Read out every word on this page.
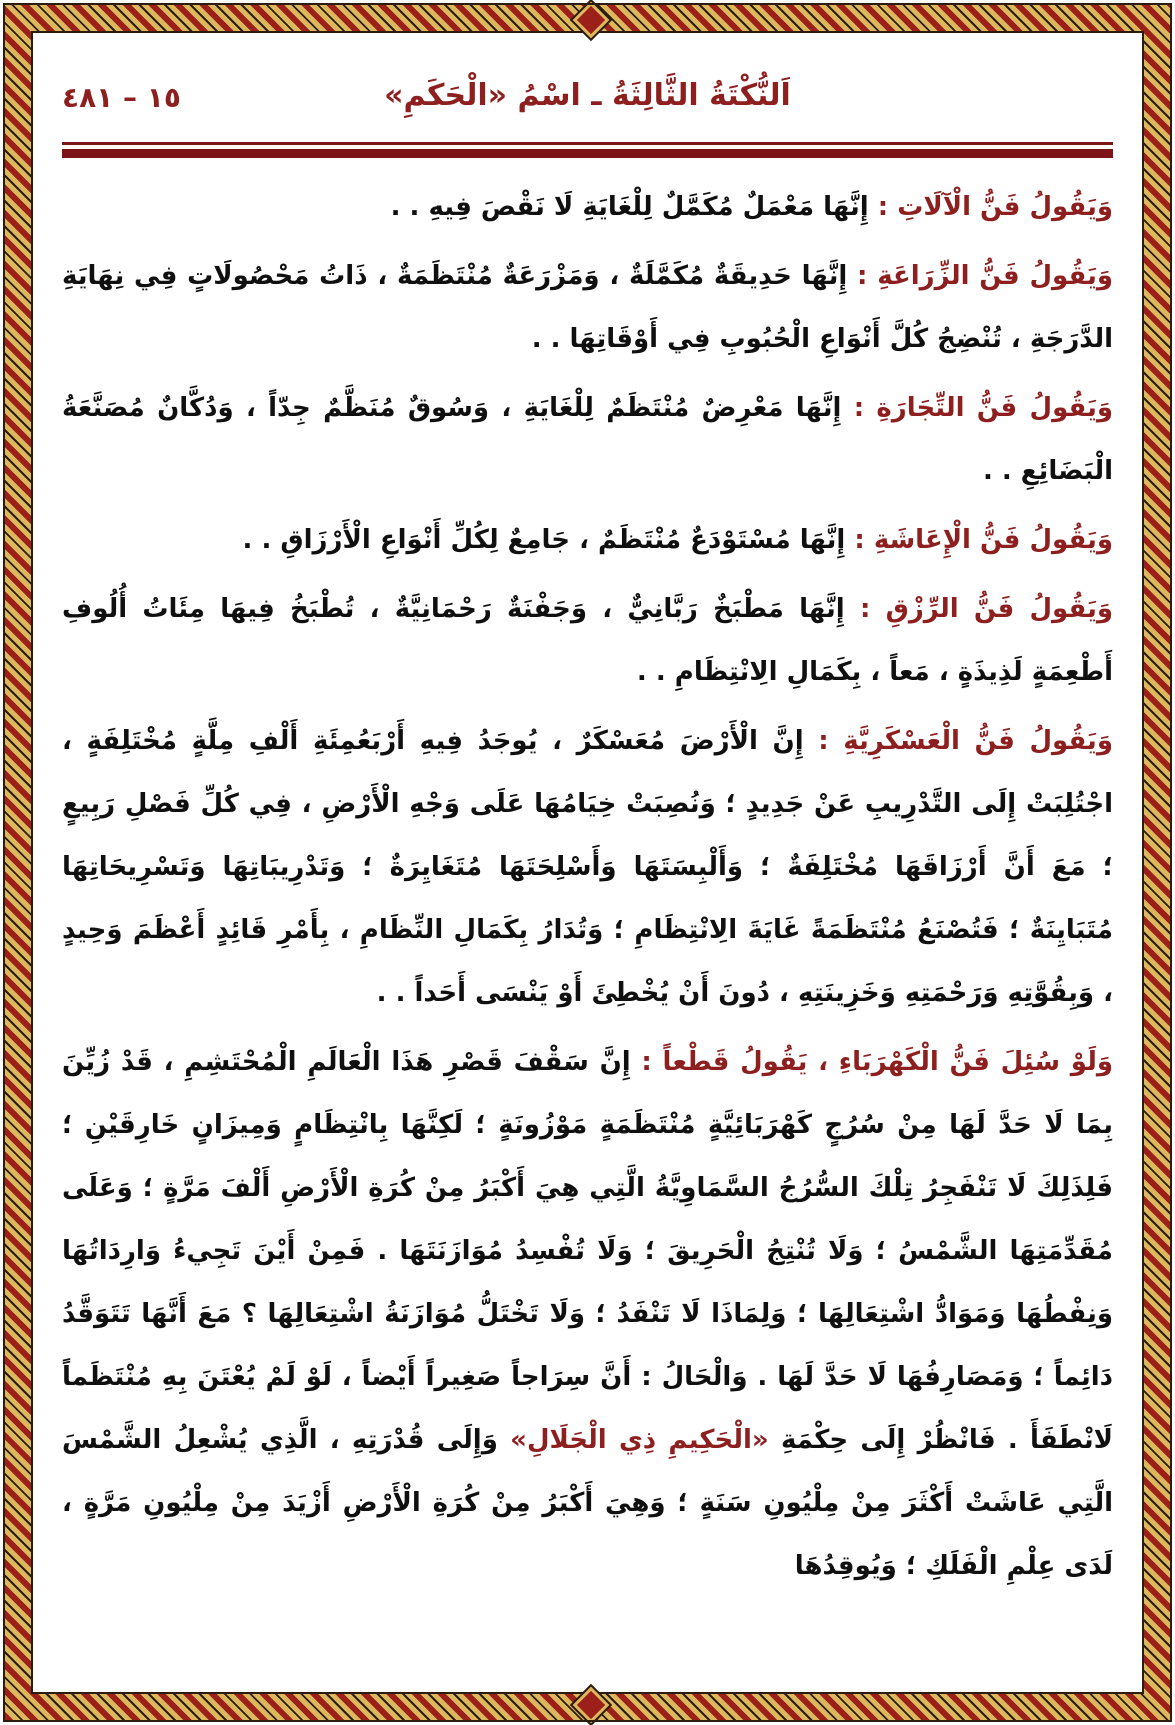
١٥ – ٤٨١	اَلنُّكْتَةُ الثَّالِثَةُ ـ اسْمُ «الْحَكَمِ»

وَيَقُولُ فَنُّ الْآلَاتِ : إِنَّهَا مَعْمَلٌ مُكَمَّلٌ لِلْغَايَةِ لَا نَقْصَ فِيهِ . .

وَيَقُولُ فَنُّ الزِّرَاعَةِ : إِنَّهَا حَدِيقَةٌ مُكَمَّلَةٌ ، وَمَزْرَعَةٌ مُنْتَظَمَةٌ ، ذَاتُ مَحْصُولَاتٍ فِي نِهَايَةِ الدَّرَجَةِ ، تُنْضِجُ كُلَّ أَنْوَاعِ الْحُبُوبِ فِي أَوْقَاتِهَا . .

وَيَقُولُ فَنُّ التِّجَارَةِ : إِنَّهَا مَعْرِضٌ مُنْتَظَمٌ لِلْغَايَةِ ، وَسُوقٌ مُنَظَّمٌ جِدّاً ، وَدُكَّانٌ مُصَنَّعَةُ الْبَضَائِعِ . .

وَيَقُولُ فَنُّ الْإِعَاشَةِ : إِنَّهَا مُسْتَوْدَعٌ مُنْتَظَمٌ ، جَامِعٌ لِكُلِّ أَنْوَاعِ الْأَرْزَاقِ . .

وَيَقُولُ فَنُّ الرِّزْقِ : إِنَّهَا مَطْبَخٌ رَبَّانِيٌّ ، وَجَفْنَةٌ رَحْمَانِيَّةٌ ، تُطْبَخُ فِيهَا مِئَاتُ أُلُوفِ أَطْعِمَةٍ لَذِيذَةٍ ، مَعاً ، بِكَمَالِ الِانْتِظَامِ . .

وَيَقُولُ فَنُّ الْعَسْكَرِيَّةِ : إِنَّ الْأَرْضَ مُعَسْكَرٌ ، يُوجَدُ فِيهِ أَرْبَعُمِئَةِ أَلْفِ مِلَّةٍ مُخْتَلِفَةٍ ، اجْتُلِبَتْ إِلَى التَّدْرِيبِ عَنْ جَدِيدٍ ؛ وَنُصِبَتْ خِيَامُهَا عَلَى وَجْهِ الْأَرْضِ ، فِي كُلِّ فَصْلِ رَبِيعٍ ؛ مَعَ أَنَّ أَرْزَاقَهَا مُخْتَلِفَةٌ ؛ وَأَلْبِسَتَهَا وَأَسْلِحَتَهَا مُتَغَايِرَةٌ ؛ وَتَدْرِيبَاتِهَا وَتَسْرِيحَاتِهَا مُتَبَايِنَةٌ ؛ فَتُصْنَعُ مُنْتَظَمَةً غَايَةَ الِانْتِظَامِ ؛ وَتُدَارُ بِكَمَالِ النِّظَامِ ، بِأَمْرِ قَائِدٍ أَعْظَمَ وَحِيدٍ ، وَبِقُوَّتِهِ وَرَحْمَتِهِ وَخَزِينَتِهِ ، دُونَ أَنْ يُخْطِئَ أَوْ يَنْسَى أَحَداً . .

وَلَوْ سُئِلَ فَنُّ الْكَهْرَبَاءِ ، يَقُولُ قَطْعاً : إِنَّ سَقْفَ قَصْرِ هَذَا الْعَالَمِ الْمُحْتَشِمِ ، قَدْ زُيِّنَ بِمَا لَا حَدَّ لَهَا مِنْ سُرُجٍ كَهْرَبَائِيَّةٍ مُنْتَظَمَةٍ مَوْزُونَةٍ ؛ لَكِنَّهَا بِانْتِظَامٍ وَمِيزَانٍ خَارِقَيْنِ ؛ فَلِذَلِكَ لَا تَنْفَجِرُ تِلْكَ السُّرُجُ السَّمَاوِيَّةُ الَّتِي هِيَ أَكْبَرُ مِنْ كُرَةِ الْأَرْضِ أَلْفَ مَرَّةٍ ؛ وَعَلَى مُقَدِّمَتِهَا الشَّمْسُ ؛ وَلَا تُنْتِجُ الْحَرِيقَ ؛ وَلَا تُفْسِدُ مُوَازَنَتَهَا . فَمِنْ أَيْنَ تَجِيءُ وَارِدَاتُهَا وَنِفْطُهَا وَمَوَادُّ اشْتِعَالِهَا ؛ وَلِمَاذَا لَا تَنْفَدُ ؛ وَلَا تَخْتَلُّ مُوَازَنَةُ اشْتِعَالِهَا ؟ مَعَ أَنَّهَا تَتَوَقَّدُ دَائِماً ؛ وَمَصَارِفُهَا لَا حَدَّ لَهَا . وَالْحَالُ : أَنَّ سِرَاجاً صَغِيراً أَيْضاً ، لَوْ لَمْ يُعْتَنَ بِهِ مُنْتَظَماً لَانْطَفَأَ . فَانْظُرْ إِلَى حِكْمَةِ «الْحَكِيمِ ذِي الْجَلَالِ» وَإِلَى قُدْرَتِهِ ، الَّذِي يُشْعِلُ الشَّمْسَ الَّتِي عَاشَتْ أَكْثَرَ مِنْ مِلْيُونِ سَنَةٍ ؛ وَهِيَ أَكْبَرُ مِنْ كُرَةِ الْأَرْضِ أَزْيَدَ مِنْ مِلْيُونِ مَرَّةٍ ، لَدَى عِلْمِ الْفَلَكِ ؛ وَيُوقِدُهَا
